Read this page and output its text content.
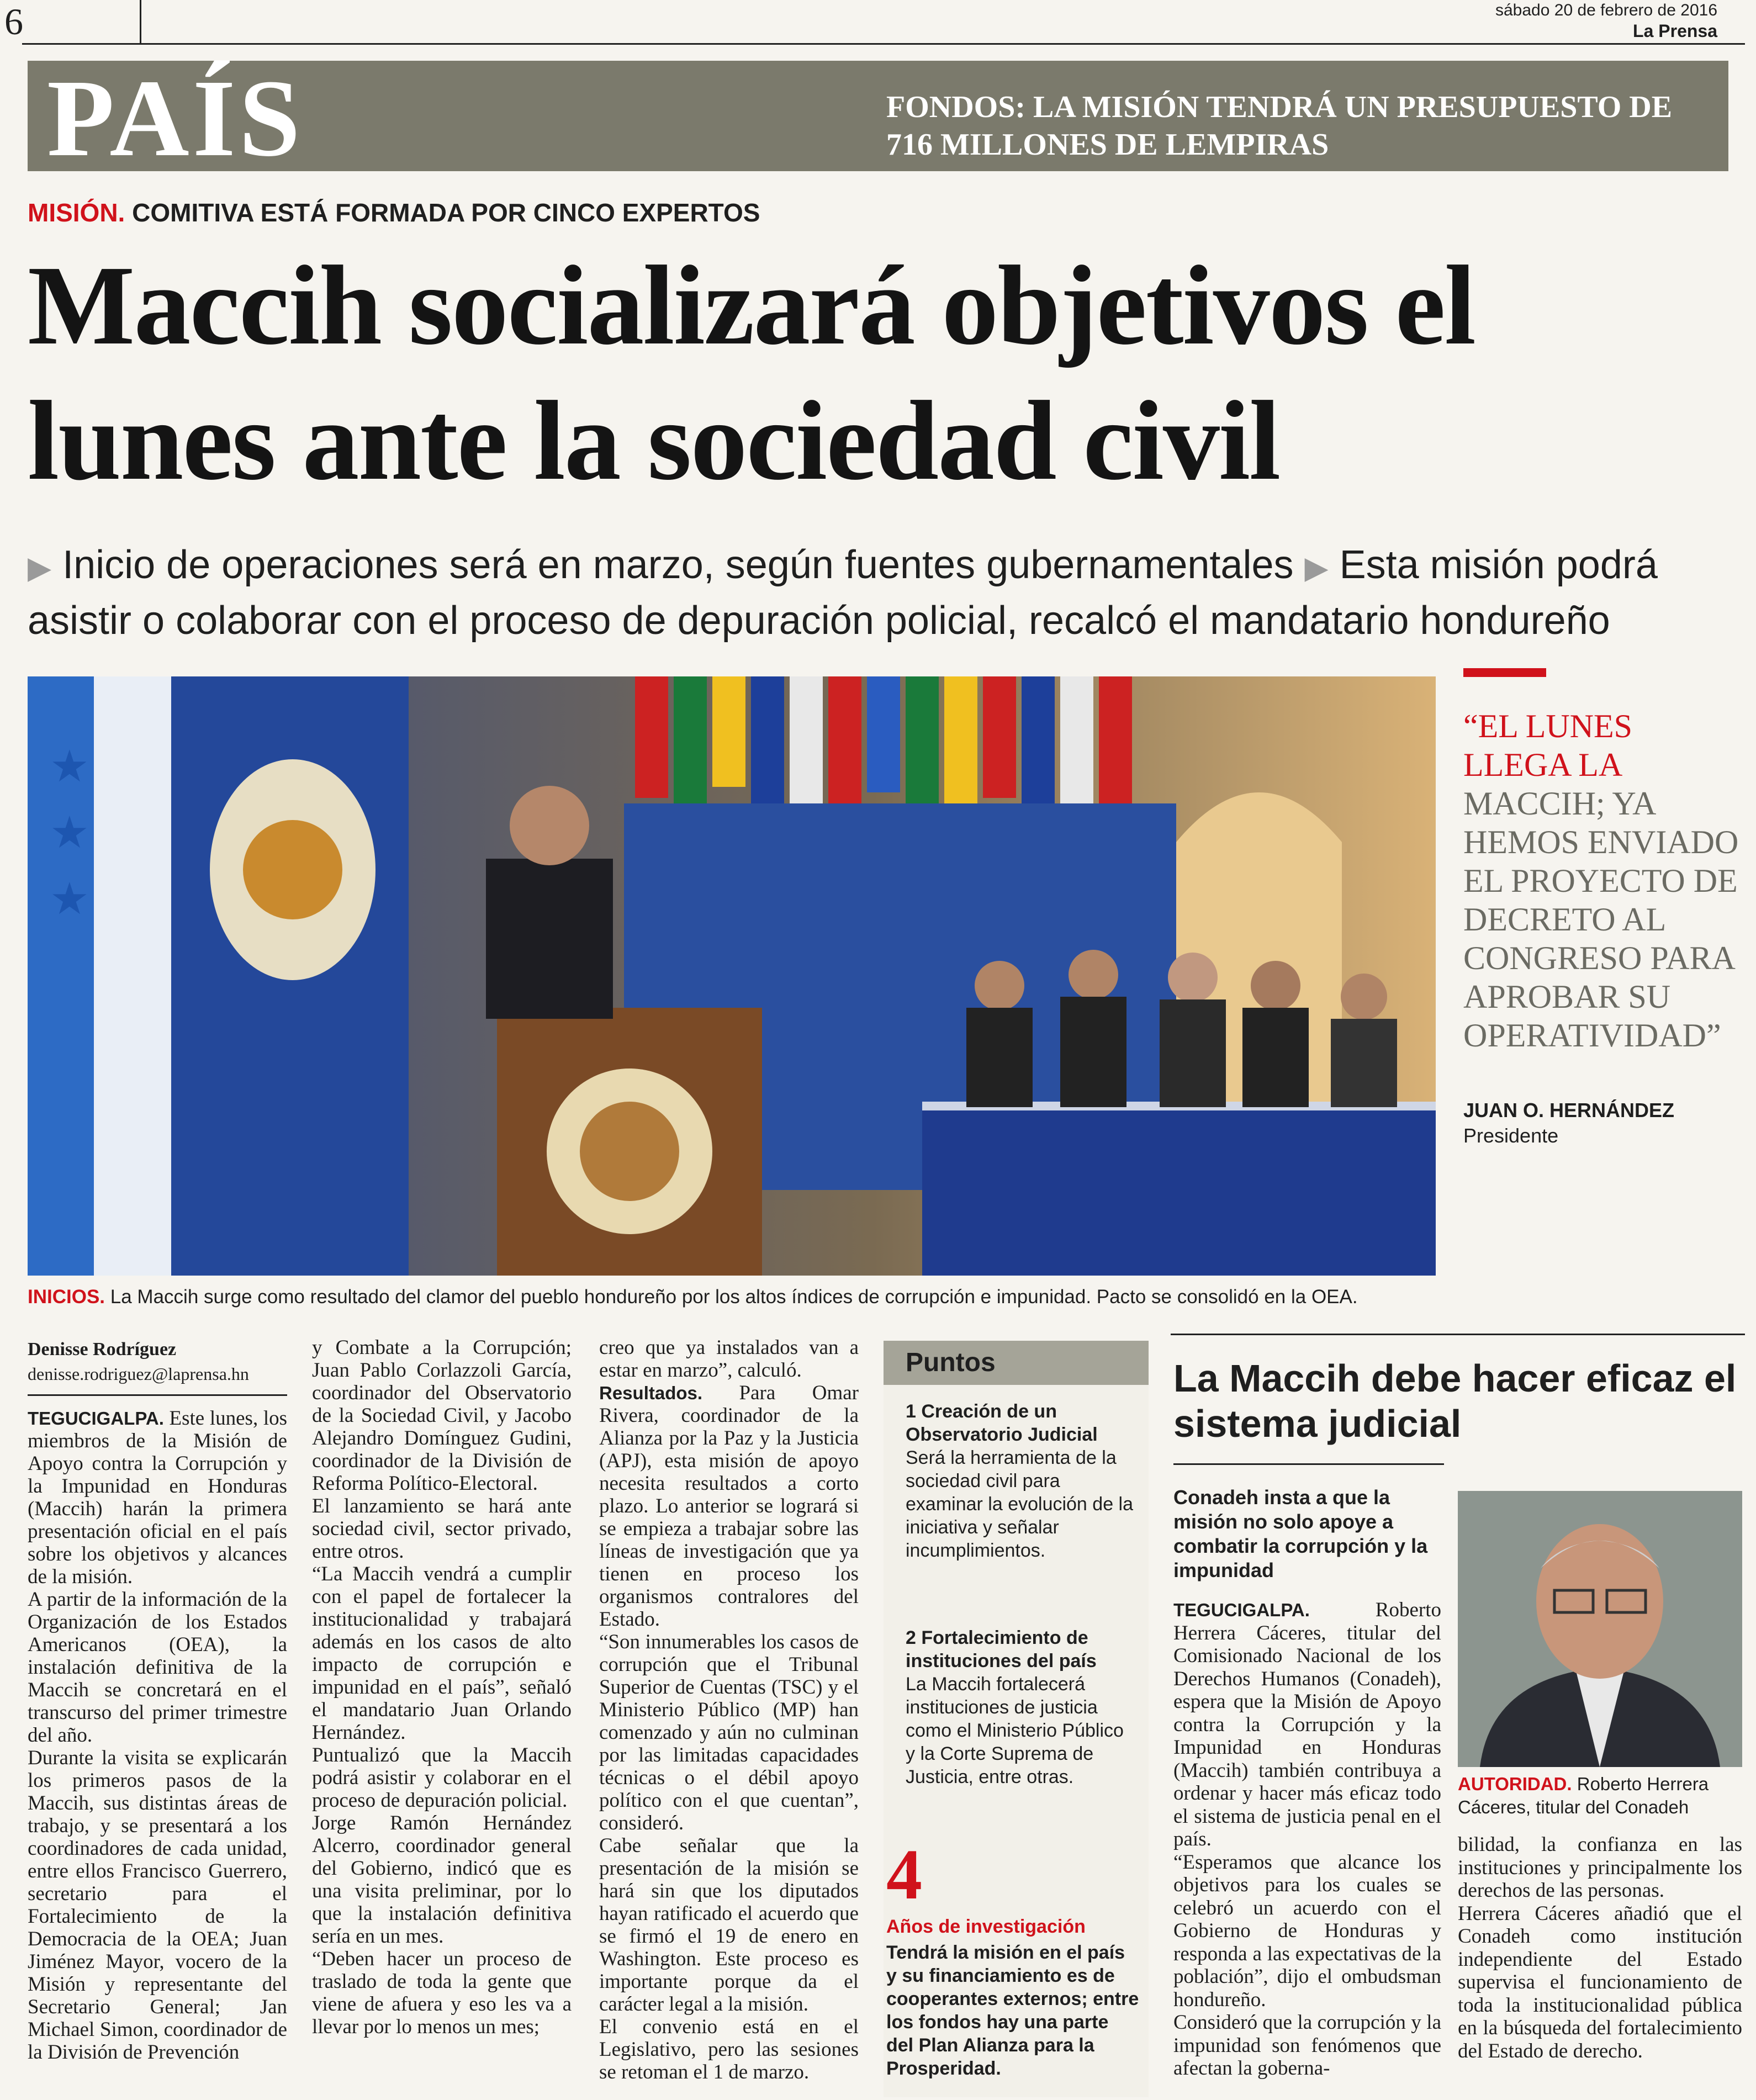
6	sábado 20 de febrero de 2016
La Prensa
PAÍS	FONDOS: LA MISIÓN TENDRÁ UN PRESUPUESTO DE 716 MILLONES DE LEMPIRAS
MISIÓN. COMITIVA ESTÁ FORMADA POR CINCO EXPERTOS
Maccih socializará objetivos el lunes ante la sociedad civil
▶ Inicio de operaciones será en marzo, según fuentes gubernamentales ▶ Esta misión podrá asistir o colaborar con el proceso de depuración policial, recalcó el mandatario hondureño
★
★
★
INICIOS. La Maccih surge como resultado del clamor del pueblo hondureño por los altos índices de corrupción e impunidad. Pacto se consolidó en la OEA.
“EL LUNES LLEGA LA MACCIH; YA HEMOS ENVIADO EL PROYECTO DE DECRETO AL CONGRESO PARA APROBAR SU OPERATIVIDAD”
JUAN O. HERNÁNDEZ
Presidente
Denisse Rodríguez
denisse.rodriguez@laprensa.hn

TEGUCIGALPA. Este lunes, los miembros de la Misión de Apoyo contra la Corrupción y la Impunidad en Honduras (Maccih) harán la primera presentación oficial en el país sobre los objetivos y alcances de la misión.

A partir de la información de la Organización de los Estados Americanos (OEA), la instalación definitiva de la Maccih se concretará en el transcurso del primer trimestre del año.

Durante la visita se explicarán los primeros pasos de la Maccih, sus distintas áreas de trabajo, y se presentará a los coordinadores de cada unidad, entre ellos Francisco Guerrero, secretario para el Fortalecimiento de la Democracia de la OEA; Juan Jiménez Mayor, vocero de la Misión y representante del Secretario General; Jan Michael Simon, coordinador de la División de Prevención

y Combate a la Corrupción; Juan Pablo Corlazzoli García, coordinador del Observatorio de la Sociedad Civil, y Jacobo Alejandro Domínguez Gudini, coordinador de la División de Reforma Político-Electoral.

El lanzamiento se hará ante sociedad civil, sector privado, entre otros.

“La Maccih vendrá a cumplir con el papel de fortalecer la institucionalidad y trabajará además en los casos de alto impacto de corrupción e impunidad en el país”, señaló el mandatario Juan Orlando Hernández.

Puntualizó que la Maccih podrá asistir y colaborar en el proceso de depuración policial.

Jorge Ramón Hernández Alcerro, coordinador general del Gobierno, indicó que es una visita preliminar, por lo que la instalación definitiva sería en un mes.

“Deben hacer un proceso de traslado de toda la gente que viene de afuera y eso les va a llevar por lo menos un mes;

creo que ya instalados van a estar en marzo”, calculó.

Resultados. Para Omar Rivera, coordinador de la Alianza por la Paz y la Justicia (APJ), esta misión de apoyo necesita resultados a corto plazo. Lo anterior se logrará si se empieza a trabajar sobre las líneas de investigación que ya tienen en proceso los organismos contralores del Estado.

“Son innumerables los casos de corrupción que el Tribunal Superior de Cuentas (TSC) y el Ministerio Público (MP) han comenzado y aún no culminan por las limitadas capacidades técnicas o el débil apoyo político con el que cuentan”, consideró.

Cabe señalar que la presentación de la misión se hará sin que los diputados hayan ratificado el acuerdo que se firmó el 19 de enero en Washington. Este proceso es importante porque da el carácter legal a la misión.

El convenio está en el Legislativo, pero las sesiones se retoman el 1 de marzo.

Puntos
1 Creación de un Observatorio Judicial
Será la herramienta de la sociedad civil para examinar la evolución de la iniciativa y señalar incumplimientos.
2 Fortalecimiento de instituciones del país
La Maccih fortalecerá instituciones de justicia como el Ministerio Público y la Corte Suprema de Justicia, entre otras.
4
Años de investigación
Tendrá la misión en el país y su financiamiento es de cooperantes externos; entre los fondos hay una parte del Plan Alianza para la Prosperidad.
La Maccih debe hacer eficaz el sistema judicial
Conadeh insta a que la misión no solo apoye a combatir la corrupción y la impunidad

TEGUCIGALPA.	Roberto Herrera Cáceres, titular del Comisionado Nacional de los Derechos Humanos (Conadeh), espera que la Misión de Apoyo contra la Corrupción y la Impunidad en Honduras (Maccih) también contribuya a ordenar y hacer más eficaz todo el sistema de justicia penal en el país.

“Esperamos que alcance los objetivos para los cuales se celebró un acuerdo con el Gobierno de Honduras y responda a las expectativas de la población”, dijo el ombudsman hondureño.

Consideró que la corrupción y la impunidad son fenómenos que afectan la goberna-

AUTORIDAD. Roberto Herrera Cáceres, titular del Conadeh

bilidad, la confianza en las instituciones y principalmente los derechos de las personas.

Herrera Cáceres añadió que el Conadeh como institución independiente del Estado supervisa el funcionamiento de toda la institucionalidad pública en la búsqueda del fortalecimiento del Estado de derecho.
